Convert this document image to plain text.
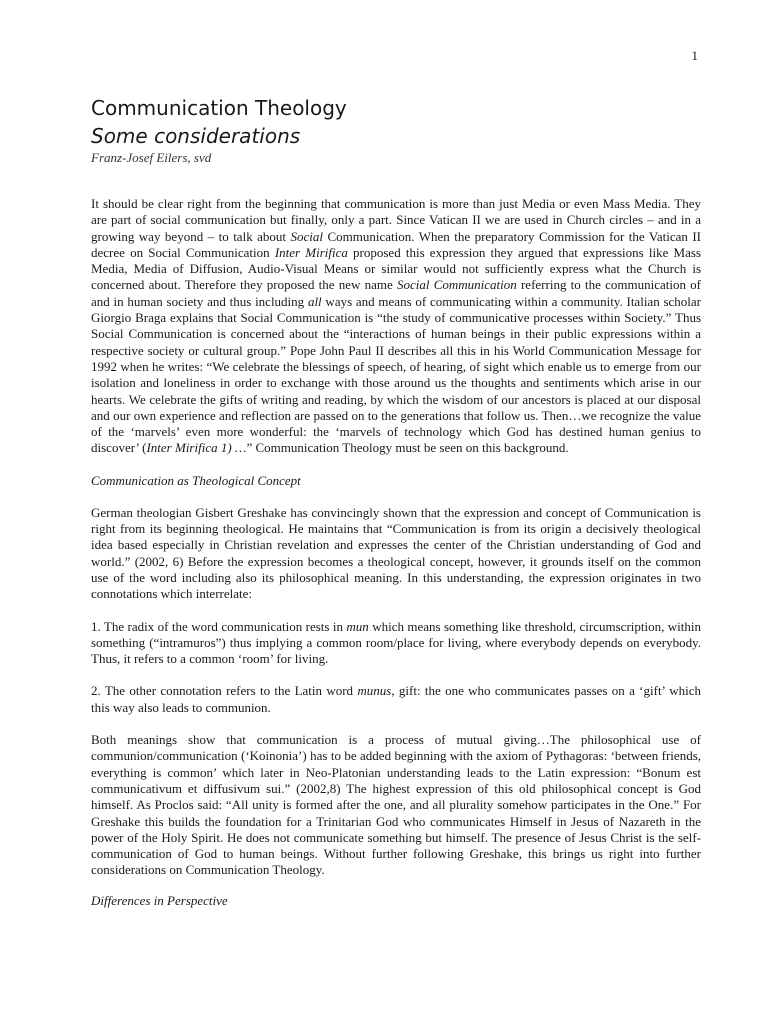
1
Communication Theology
Some considerations

Franz-Josef Eilers, svd

It should be clear right from the beginning that communication is more than just Media or even Mass Media. They are part of social communication but finally, only a part. Since Vatican II we are used in Church circles – and in a growing way beyond – to talk about Social Communication. When the preparatory Commission for the Vatican II decree on Social Communication Inter Mirifica proposed this expression they argued that expressions like Mass Media, Media of Diffusion, Audio-Visual Means or similar would not sufficiently express what the Church is concerned about. Therefore they proposed the new name Social Communication referring to the communication of and in human society and thus including all ways and means of communicating within a community. Italian scholar Giorgio Braga explains that Social Communication is “the study of communicative processes within Society.” Thus Social Communication is concerned about the “interactions of human beings in their public expressions within a respective society or cultural group.” Pope John Paul II describes all this in his World Communication Message for 1992 when he writes: “We celebrate the blessings of speech, of hearing, of sight which enable us to emerge from our isolation and loneliness in order to exchange with those around us the thoughts and sentiments which arise in our hearts. We celebrate the gifts of writing and reading, by which the wisdom of our ancestors is placed at our disposal and our own experience and reflection are passed on to the generations that follow us. Then…we recognize the value of the ‘marvels’ even more wonderful: the ‘marvels of technology which God has destined human genius to discover’ (Inter Mirifica 1) …” Communication Theology must be seen on this background.

Communication as Theological Concept

German theologian Gisbert Greshake has convincingly shown that the expression and concept of Communication is right from its beginning theological. He maintains that “Communication is from its origin a decisively theological idea based especially in Christian revelation and expresses the center of the Christian understanding of God and world.” (2002, 6) Before the expression becomes a theological concept, however, it grounds itself on the common use of the word including also its philosophical meaning. In this understanding, the expression originates in two connotations which interrelate:

1. The radix of the word communication rests in mun which means something like threshold, circumscription, within something (“intramuros”) thus implying a common room/place for living, where everybody depends on everybody. Thus, it refers to a common ‘room’ for living.

2. The other connotation refers to the Latin word munus, gift: the one who communicates passes on a ‘gift’ which this way also leads to communion.

Both meanings show that communication is a process of mutual giving…The philosophical use of communion/communication (‘Koinonia’) has to be added beginning with the axiom of Pythagoras: ‘between friends, everything is common’ which later in Neo-Platonian understanding leads to the Latin expression: “Bonum est communicativum et diffusivum sui.” (2002,8) The highest expression of this old philosophical concept is God himself. As Proclos said: “All unity is formed after the one, and all plurality somehow participates in the One.” For Greshake this builds the foundation for a Trinitarian God who communicates Himself in Jesus of Nazareth in the power of the Holy Spirit. He does not communicate something but himself. The presence of Jesus Christ is the self-communication of God to human beings. Without further following Greshake, this brings us right into further considerations on Communication Theology.

Differences in Perspective
